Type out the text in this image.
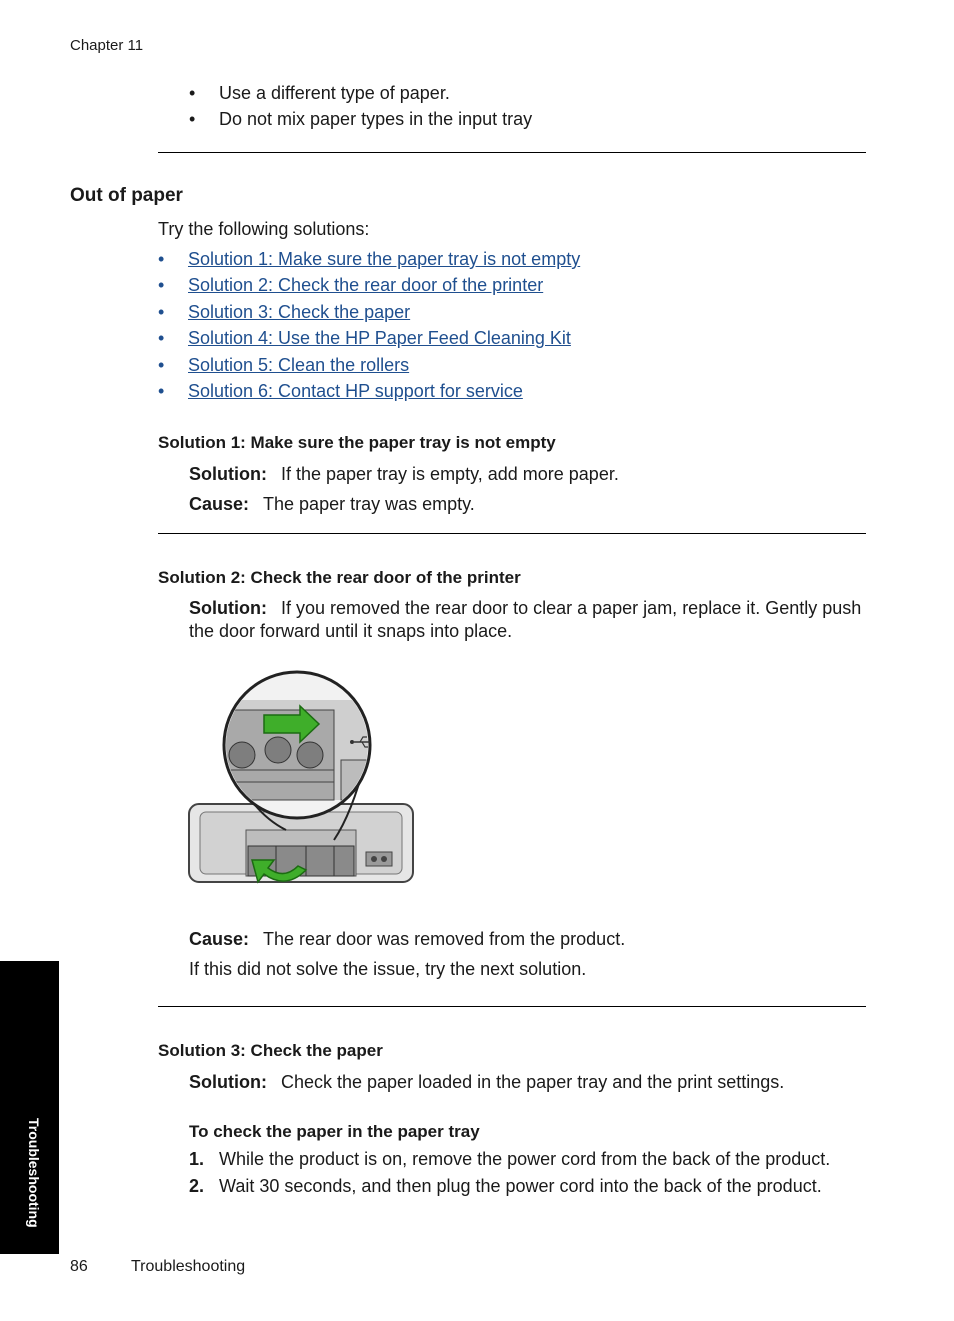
Chapter 11
• Use a different type of paper.
• Do not mix paper types in the input tray
Out of paper
Try the following solutions:
• Solution 1: Make sure the paper tray is not empty
• Solution 2: Check the rear door of the printer
• Solution 3: Check the paper
• Solution 4: Use the HP Paper Feed Cleaning Kit
• Solution 5: Clean the rollers
• Solution 6: Contact HP support for service
Solution 1: Make sure the paper tray is not empty
Solution: If the paper tray is empty, add more paper.
Cause: The paper tray was empty.
Solution 2: Check the rear door of the printer
Solution: If you removed the rear door to clear a paper jam, replace it. Gently push the door forward until it snaps into place.
Cause: The rear door was removed from the product.
If this did not solve the issue, try the next solution.
Solution 3: Check the paper
Solution: Check the paper loaded in the paper tray and the print settings.
To check the paper in the paper tray
1. While the product is on, remove the power cord from the back of the product.
2. Wait 30 seconds, and then plug the power cord into the back of the product.
Troubleshooting
86	Troubleshooting
